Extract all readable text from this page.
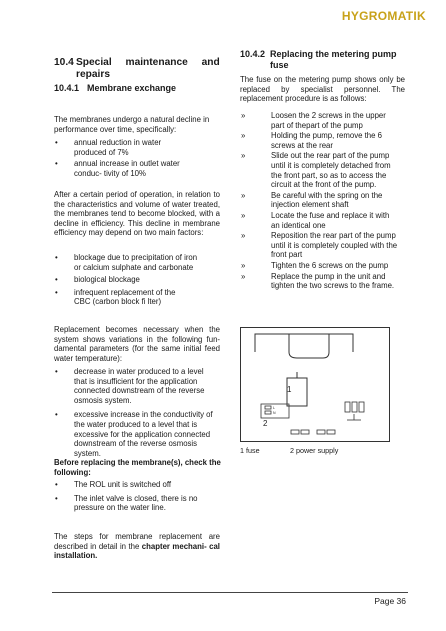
HYGROMATIK
10.4 Special maintenance and
repairs
10.4.1 Membrane exchange

The membranes undergo a natural decline in performance over time, specifically:

• annual reduction in water produced of 7%
• annual increase in outlet water conduc- tivity of 10%

After a certain period of operation, in relation to the characteristics and volume of water treated, the membranes tend to become blocked, with a decline in efficiency. This decline in membrane efficiency may depend on two main factors:

• blockage due to precipitation of iron or calcium sulphate and carbonate
• biological blockage
• infrequent replacement of the CBC (carbon block fi lter)

Replacement becomes necessary when the system shows variations in the following fun- damental parameters (for the same initial feed water temperature):

• decrease in water produced to a level that is insufficient for the application connected downstream of the reverse osmosis system.
• excessive increase in the conductivity of the water produced to a level that is excessive for the application connected downstream of the reverse osmosis system.

Before replacing the membrane(s), check the following:

• The ROL unit is switched off
• The inlet valve is closed, there is no pressure on the water line.

The steps for membrane replacement are described in detail in the chapter mechani- cal installation.

10.4.2 Replacing the metering pump
fuse

The fuse on the metering pump shows only be replaced by specialist personnel. The replacement procedure is as follows:

»	Loosen the 2 screws in the upper part of thepart of the pump
»	Holding the pump, remove the 6 screws at the rear
»	Slide out the rear part of the pump until it is completely detached from the front part, so as to access the circuit at the front of the pump.
»	Be careful with the spring on the injection element shaft
»	Locate the fuse and replace it with an identical one
»	Reposition the rear part of the pump until it is completely coupled with the front part
»	Tighten the 6 screws on the pump
»	Replace the pump in the unit and tighten the two screws to the frame.
1
2
L
N
1 fuse	2 power supply
Page 36
